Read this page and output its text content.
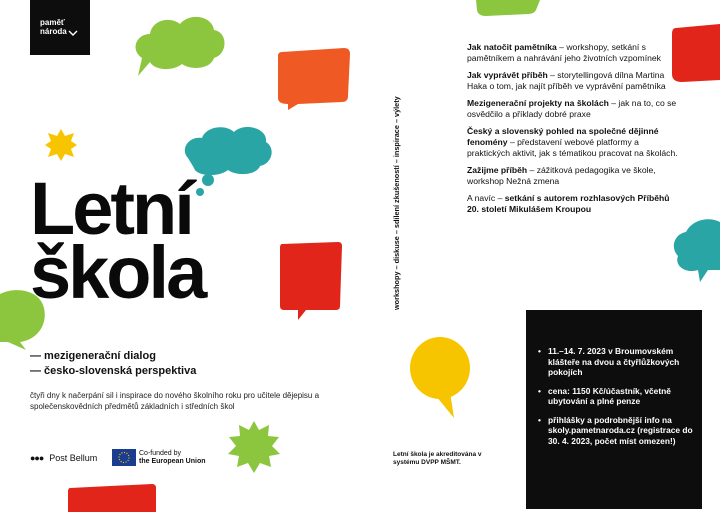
paměť
národa
Letní
škola
— mezigenerační dialog
— česko-slovenská perspektiva
čtyři dny k načerpání sil i inspirace do nového školního roku pro učitele dějepisu a společenskovědních předmětů základních i středních škol
●●● Post Bellum	Co-funded by
the European Union
workshopy – diskuse – sdílení zkušeností – inspirace – výlety
Letní škola je akreditována v systému DVPP MŠMT.
Jak natočit pamětníka – workshopy, setkání s pamětníkem a nahrávání jeho životních vzpomínek
Jak vyprávět příběh – storytellingová dílna Martina Haka o tom, jak najít příběh ve vyprávění pamětníka
Mezigenerační projekty na školách – jak na to, co se osvědčilo a příklady dobré praxe
Český a slovenský pohled na společné dějinné fenomény – představení webové platformy a praktických aktivit, jak s tématikou pracovat na školách.
Zažijme příběh – zážitková pedagogika ve škole, workshop Nežná zmena
A navíc – setkání s autorem rozhlasových Příběhů 20. století Mikulášem Kroupou
• 11.–14. 7. 2023 v Broumovském klášteře na dvou a čtyřlůžkových pokojích
• cena: 1150 Kč/účastník, včetně ubytování a plné penze
• přihlášky a podrobnější info na skoly.pametnaroda.cz (registrace do 30. 4. 2023, počet míst omezen!)
